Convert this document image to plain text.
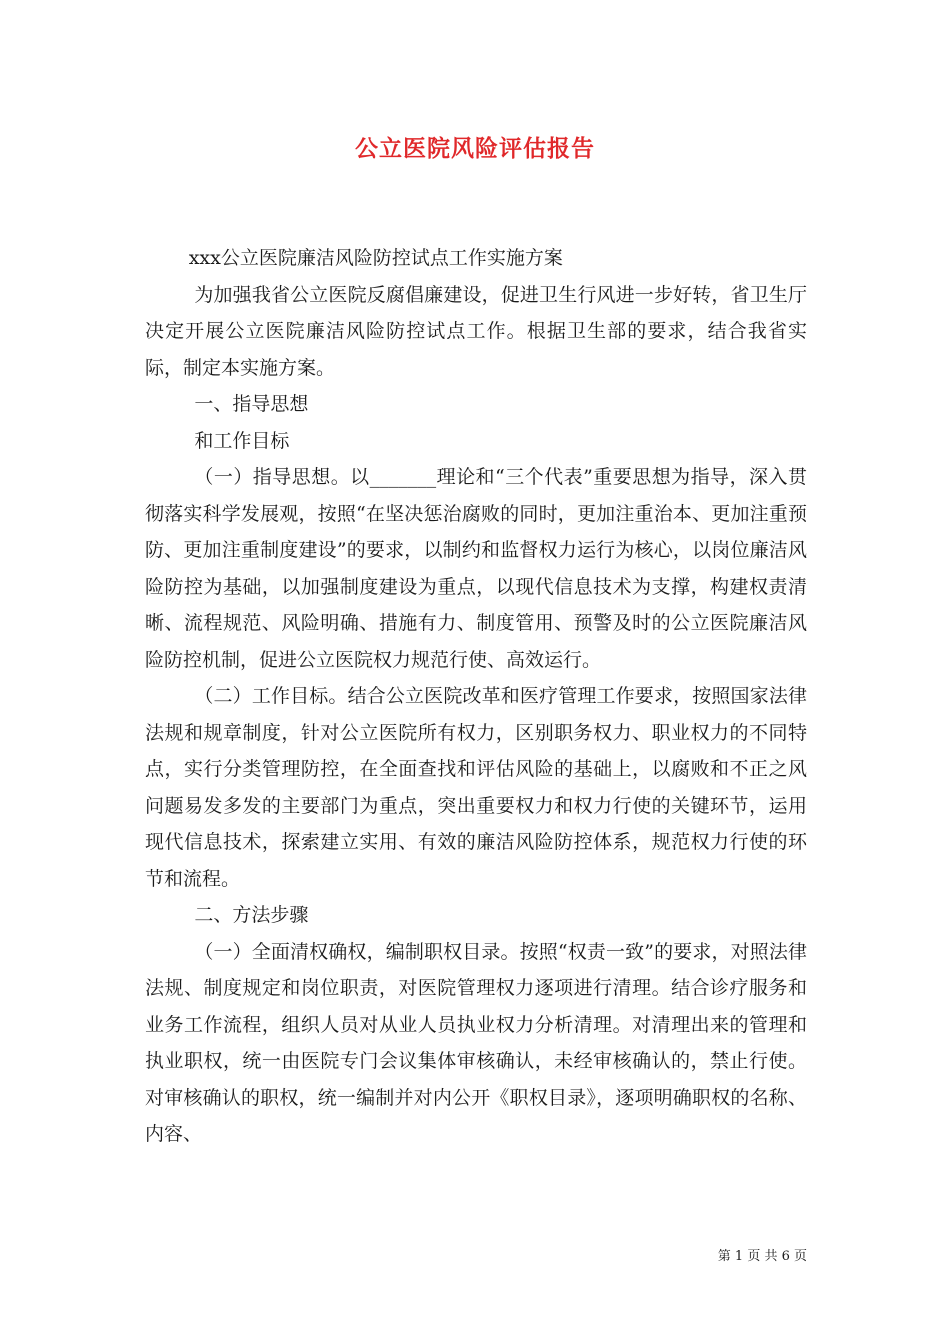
公立医院风险评估报告

xxx公立医院廉洁风险防控试点工作实施方案

为加强我省公立医院反腐倡廉建设，促进卫生行风进一步好转，省卫生厅决定开展公立医院廉洁风险防控试点工作。根据卫生部的要求，结合我省实际，制定本实施方案。

一、指导思想

和工作目标

（一）指导思想。以_______理论和“三个代表”重要思想为指导，深入贯彻落实科学发展观，按照“在坚决惩治腐败的同时，更加注重治本、更加注重预防、更加注重制度建设”的要求，以制约和监督权力运行为核心，以岗位廉洁风险防控为基础，以加强制度建设为重点，以现代信息技术为支撑，构建权责清晰、流程规范、风险明确、措施有力、制度管用、预警及时的公立医院廉洁风险防控机制，促进公立医院权力规范行使、高效运行。

（二）工作目标。结合公立医院改革和医疗管理工作要求，按照国家法律法规和规章制度，针对公立医院所有权力，区别职务权力、职业权力的不同特点，实行分类管理防控，在全面查找和评估风险的基础上，以腐败和不正之风问题易发多发的主要部门为重点，突出重要权力和权力行使的关键环节，运用现代信息技术，探索建立实用、有效的廉洁风险防控体系，规范权力行使的环节和流程。

二、方法步骤

（一）全面清权确权，编制职权目录。按照“权责一致”的要求，对照法律法规、制度规定和岗位职责，对医院管理权力逐项进行清理。结合诊疗服务和业务工作流程，组织人员对从业人员执业权力分析清理。对清理出来的管理和执业职权，统一由医院专门会议集体审核确认，未经审核确认的，禁止行使。对审核确认的职权，统一编制并对内公开《职权目录》，逐项明确职权的名称、内容、

第 1 页 共 6 页
